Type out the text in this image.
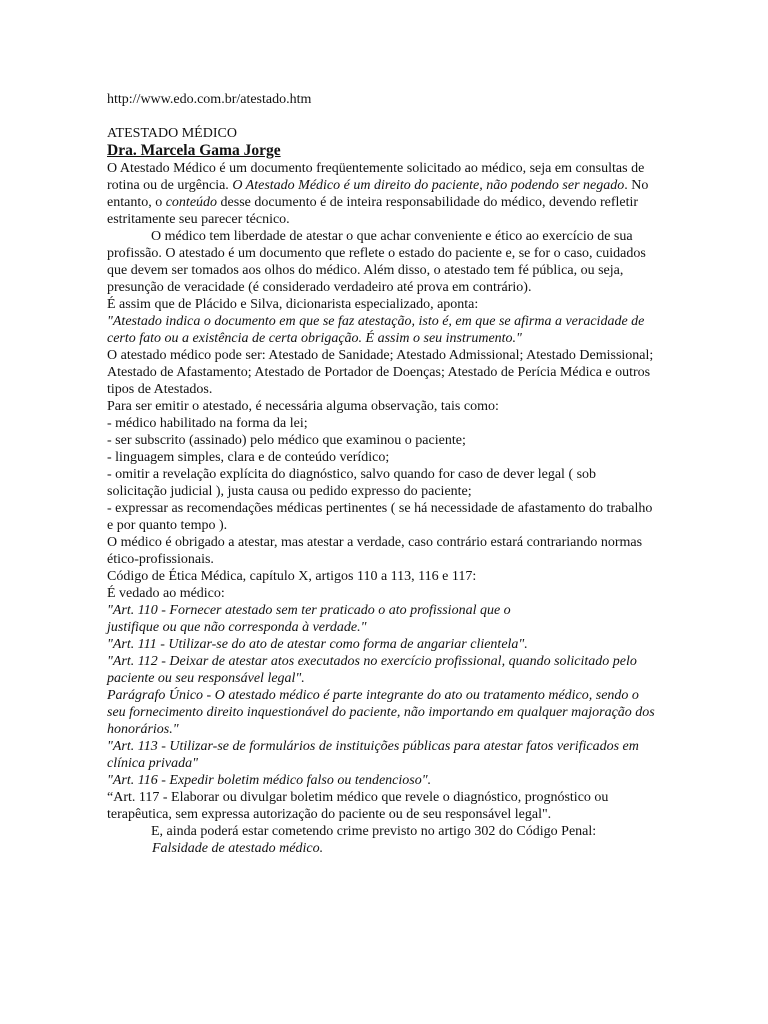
http://www.edo.com.br/atestado.htm

ATESTADO MÉDICO

Dra. Marcela Gama Jorge

O Atestado Médico é um documento freqüentemente solicitado ao médico, seja em consultas de rotina ou de urgência. O Atestado Médico é um direito do paciente, não podendo ser negado. No entanto, o conteúdo desse documento é de inteira responsabilidade do médico, devendo refletir estritamente seu parecer técnico.

O médico tem liberdade de atestar o que achar conveniente e ético ao exercício de sua profissão. O atestado é um documento que reflete o estado do paciente e, se for o caso, cuidados que devem ser tomados aos olhos do médico. Além disso, o atestado tem fé pública, ou seja, presunção de veracidade (é considerado verdadeiro até prova em contrário).

É assim que de Plácido e Silva, dicionarista especializado, aponta:

"Atestado indica o documento em que se faz atestação, isto é, em que se afirma a veracidade de certo fato ou a existência de certa obrigação. É assim o seu instrumento."

O atestado médico pode ser: Atestado de Sanidade; Atestado Admissional; Atestado Demissional; Atestado de Afastamento; Atestado de Portador de Doenças; Atestado de Perícia Médica e outros tipos de Atestados.

Para ser emitir o atestado, é necessária alguma observação, tais como:

- médico habilitado na forma da lei;

- ser subscrito (assinado) pelo médico que examinou o paciente;

- linguagem simples, clara e de conteúdo verídico;

- omitir a revelação explícita do diagnóstico, salvo quando for caso de dever legal ( sob solicitação judicial ), justa causa ou pedido expresso do paciente;

- expressar as recomendações médicas pertinentes ( se há necessidade de afastamento do trabalho e por quanto tempo ).

O médico é obrigado a atestar, mas atestar a verdade, caso contrário estará contrariando normas ético-profissionais.

Código de Ética Médica, capítulo X, artigos 110 a 113, 116 e 117:

É vedado ao médico:

"Art. 110 - Fornecer atestado sem ter praticado o ato profissional que o

justifique ou que não corresponda à verdade."

"Art. 111 - Utilizar-se do ato de atestar como forma de angariar clientela".

"Art. 112 - Deixar de atestar atos executados no exercício profissional, quando solicitado pelo paciente ou seu responsável legal".

Parágrafo Único - O atestado médico é parte integrante do ato ou tratamento médico, sendo o seu fornecimento direito inquestionável do paciente, não importando em qualquer majoração dos honorários."

"Art. 113 - Utilizar-se de formulários de instituições públicas para atestar fatos verificados em clínica privada"

"Art. 116 - Expedir boletim médico falso ou tendencioso".

“Art. 117 - Elaborar ou divulgar boletim médico que revele o diagnóstico, prognóstico ou terapêutica, sem expressa autorização do paciente ou de seu responsável legal".

E, ainda poderá estar cometendo crime previsto no artigo 302 do Código Penal:

Falsidade de atestado médico.
